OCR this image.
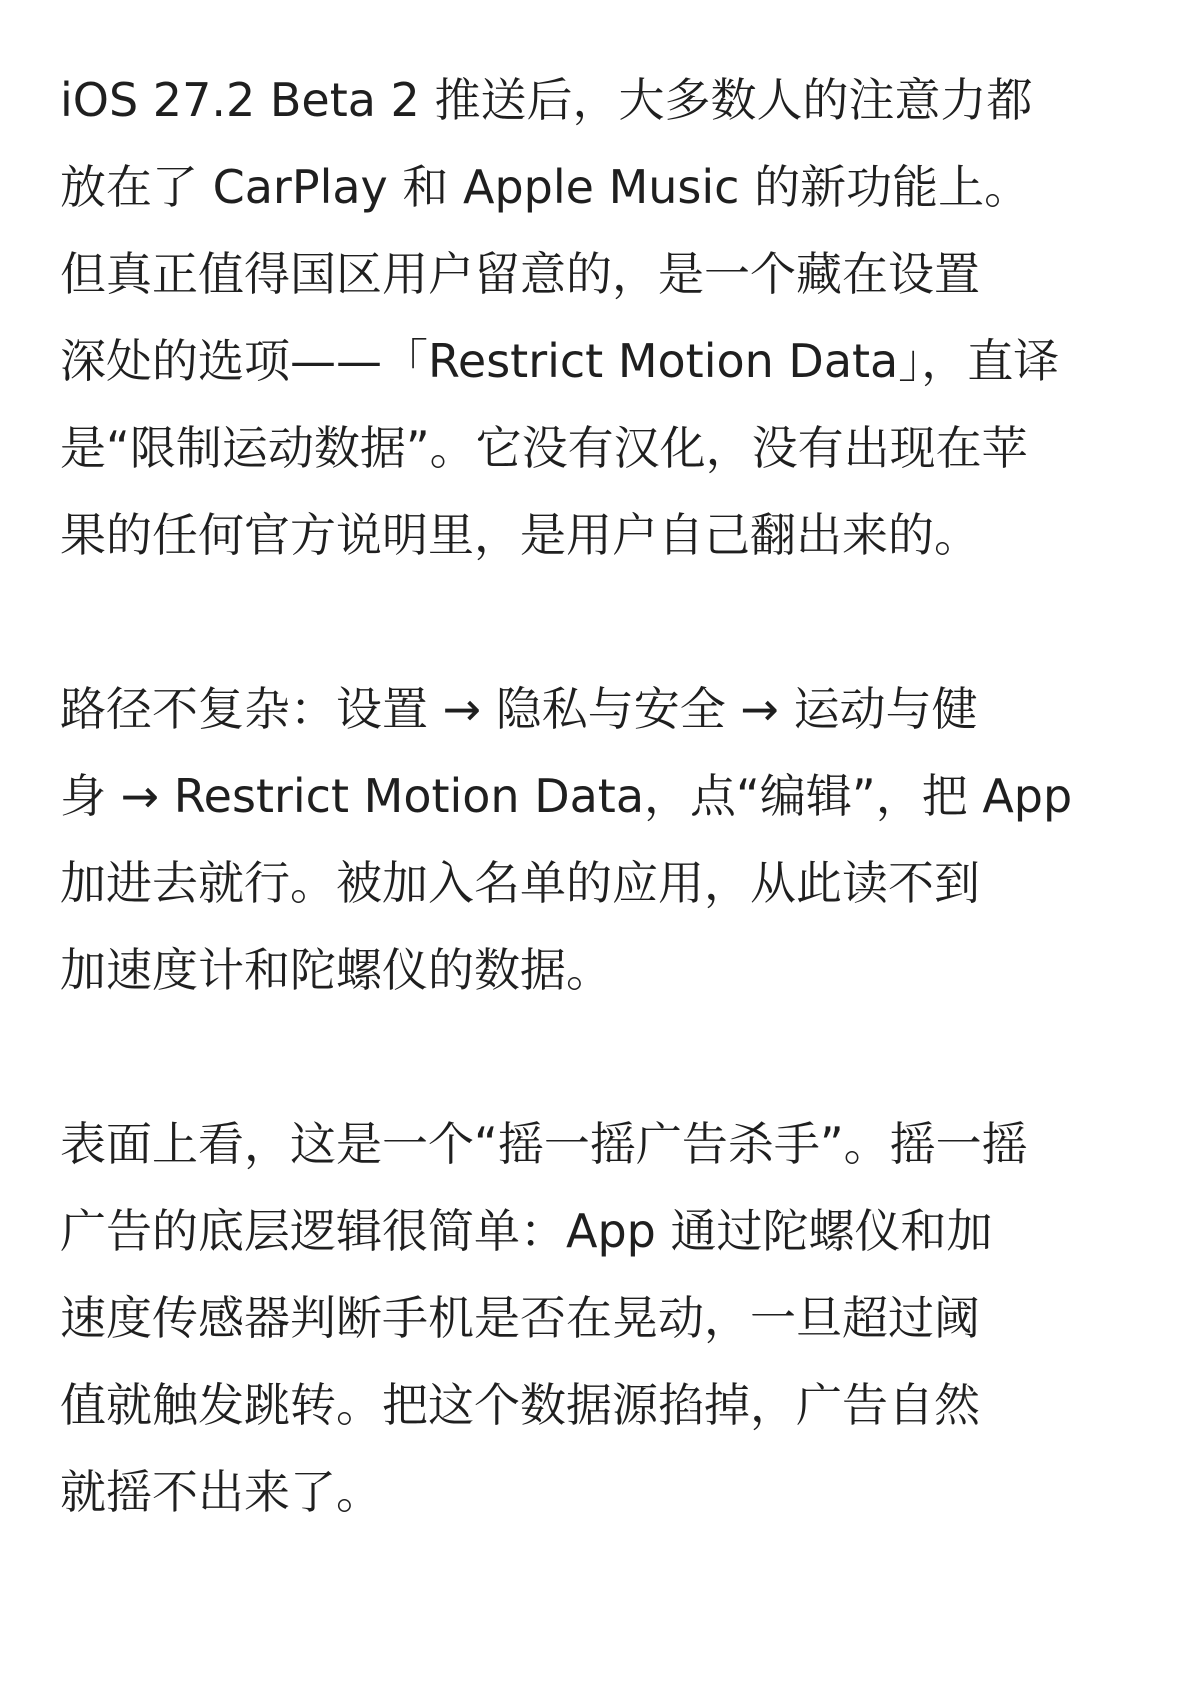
iOS 27.2 Beta 2 推送后，大多数人的注意力都
放在了 CarPlay 和 Apple Music 的新功能上。
但真正值得国区用户留意的，是一个藏在设置
深处的选项——「Restrict Motion Data」，直译
是“限制运动数据”。它没有汉化，没有出现在苹
果的任何官方说明里，是用户自己翻出来的。

路径不复杂：设置 → 隐私与安全 → 运动与健
身 → Restrict Motion Data，点“编辑”，把 App
加进去就行。被加入名单的应用，从此读不到
加速度计和陀螺仪的数据。

表面上看，这是一个“摇一摇广告杀手”。摇一摇
广告的底层逻辑很简单：App 通过陀螺仪和加
速度传感器判断手机是否在晃动，一旦超过阈
值就触发跳转。把这个数据源掐掉，广告自然
就摇不出来了。
